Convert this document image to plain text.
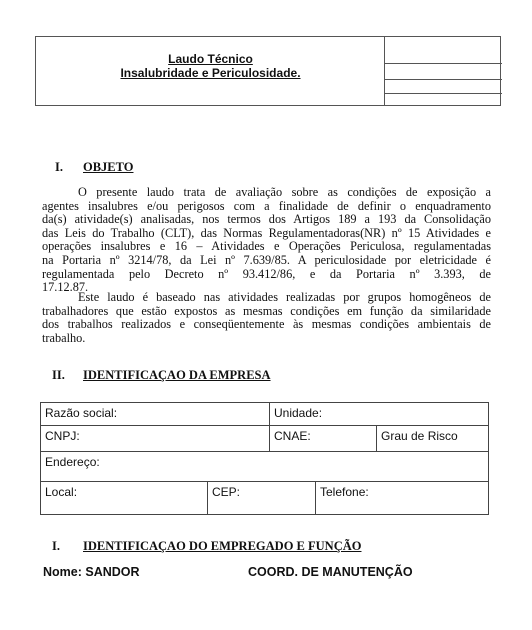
Laudo Técnico
Insalubridade e Periculosidade.
I. OBJETO
O presente laudo trata de avaliação sobre as condições de exposição a
agentes insalubres e/ou perigosos com a finalidade de definir o enquadramento
da(s) atividade(s) analisadas, nos termos dos Artigos 189 a 193 da Consolidação
das Leis do Trabalho (CLT), das Normas Regulamentadoras(NR) nº 15 Atividades e
operações insalubres e 16 – Atividades e Operações Periculosa, regulamentadas
na Portaria nº 3214/78, da Lei nº 7.639/85. A periculosidade por eletricidade é
regulamentada pelo Decreto nº 93.412/86, e da Portaria nº 3.393, de
17.12.87.
Este laudo é baseado nas atividades realizadas por grupos homogêneos de
trabalhadores que estão expostos as mesmas condições em função da similaridade
dos trabalhos realizados e conseqüentemente às mesmas condições ambientais de
trabalho.
II. IDENTIFICAÇAO DA EMPRESA
Razão social:	Unidade:
CNPJ:	CNAE:	Grau de Risco
Endereço:
Local:	CEP:	Telefone:
I. IDENTIFICAÇAO DO EMPREGADO E FUNÇÃO
Nome: SANDOR	COORD. DE MANUTENÇÃO
